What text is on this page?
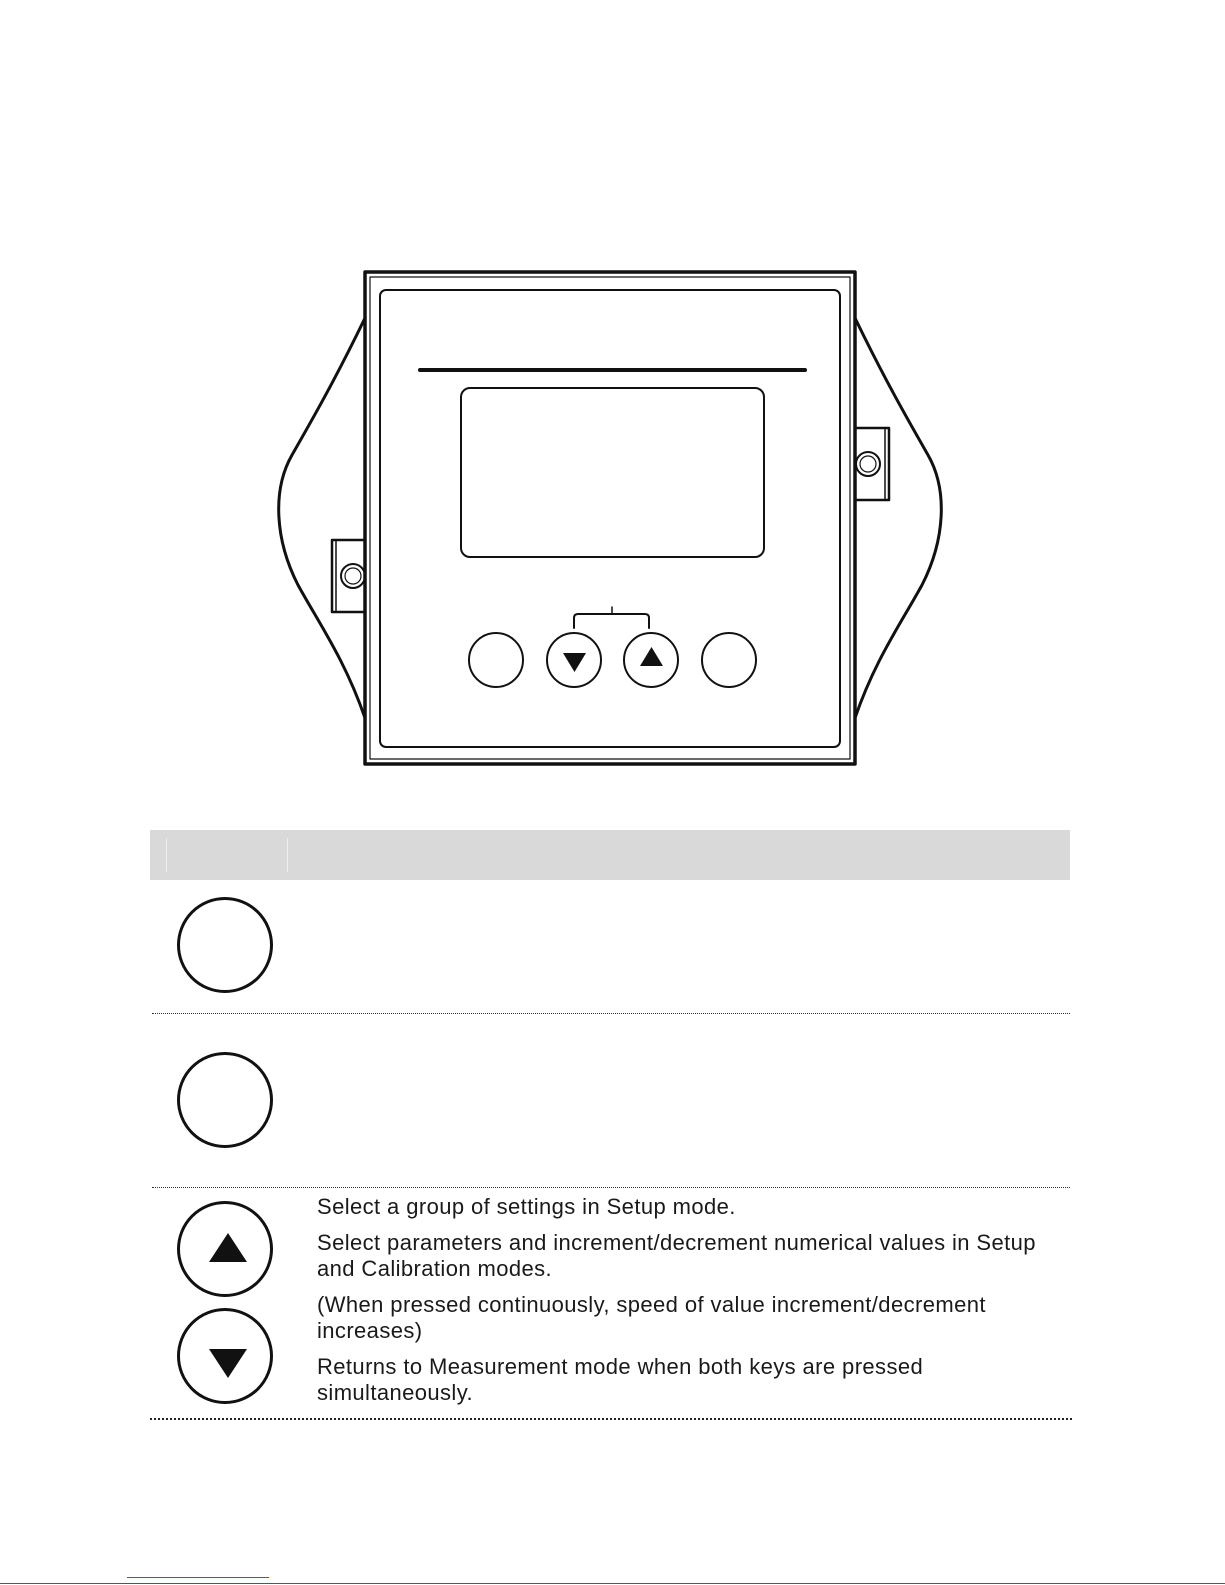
Select a group of settings in Setup mode.

Select parameters and increment/decrement numerical values in Setup and Calibration modes.

(When pressed continuously, speed of value increment/decrement increases)

Returns to Measurement mode when both keys are pressed simultaneously.
